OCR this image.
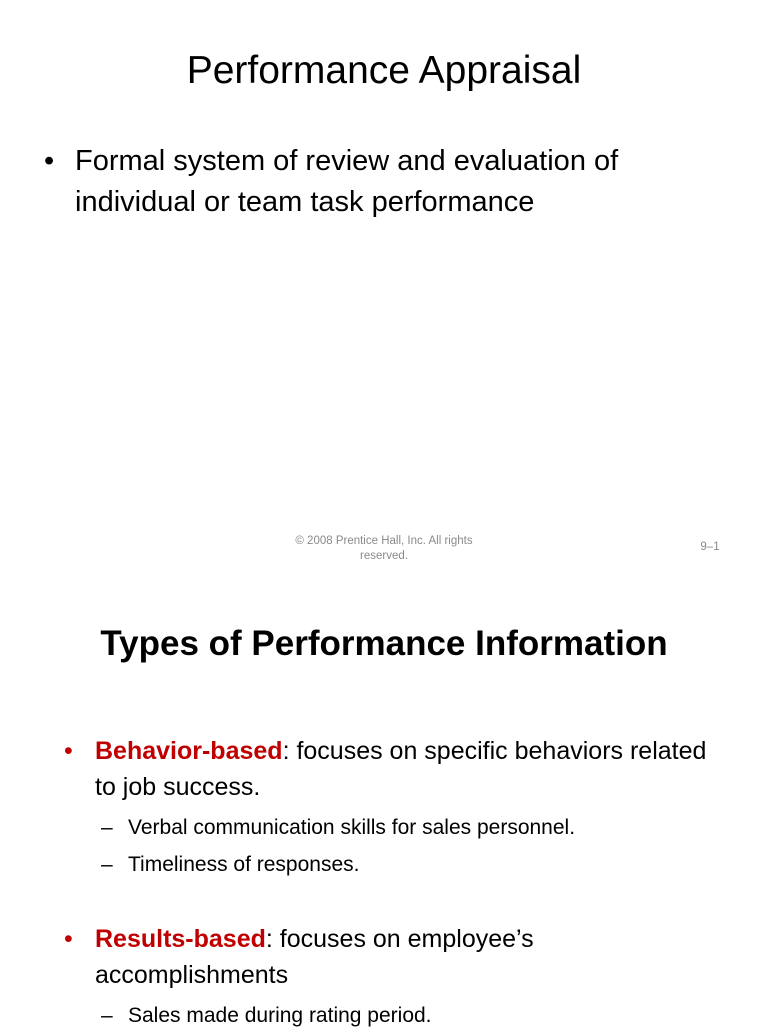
Performance Appraisal
• Formal system of review and evaluation of individual or team task performance
© 2008 Prentice Hall, Inc. All rights reserved.
9–1
Types of Performance Information
• Behavior-based: focuses on specific behaviors related to job success.
– Verbal communication skills for sales personnel.
– Timeliness of responses.
• Results-based: focuses on employee’s accomplishments
– Sales made during rating period.
